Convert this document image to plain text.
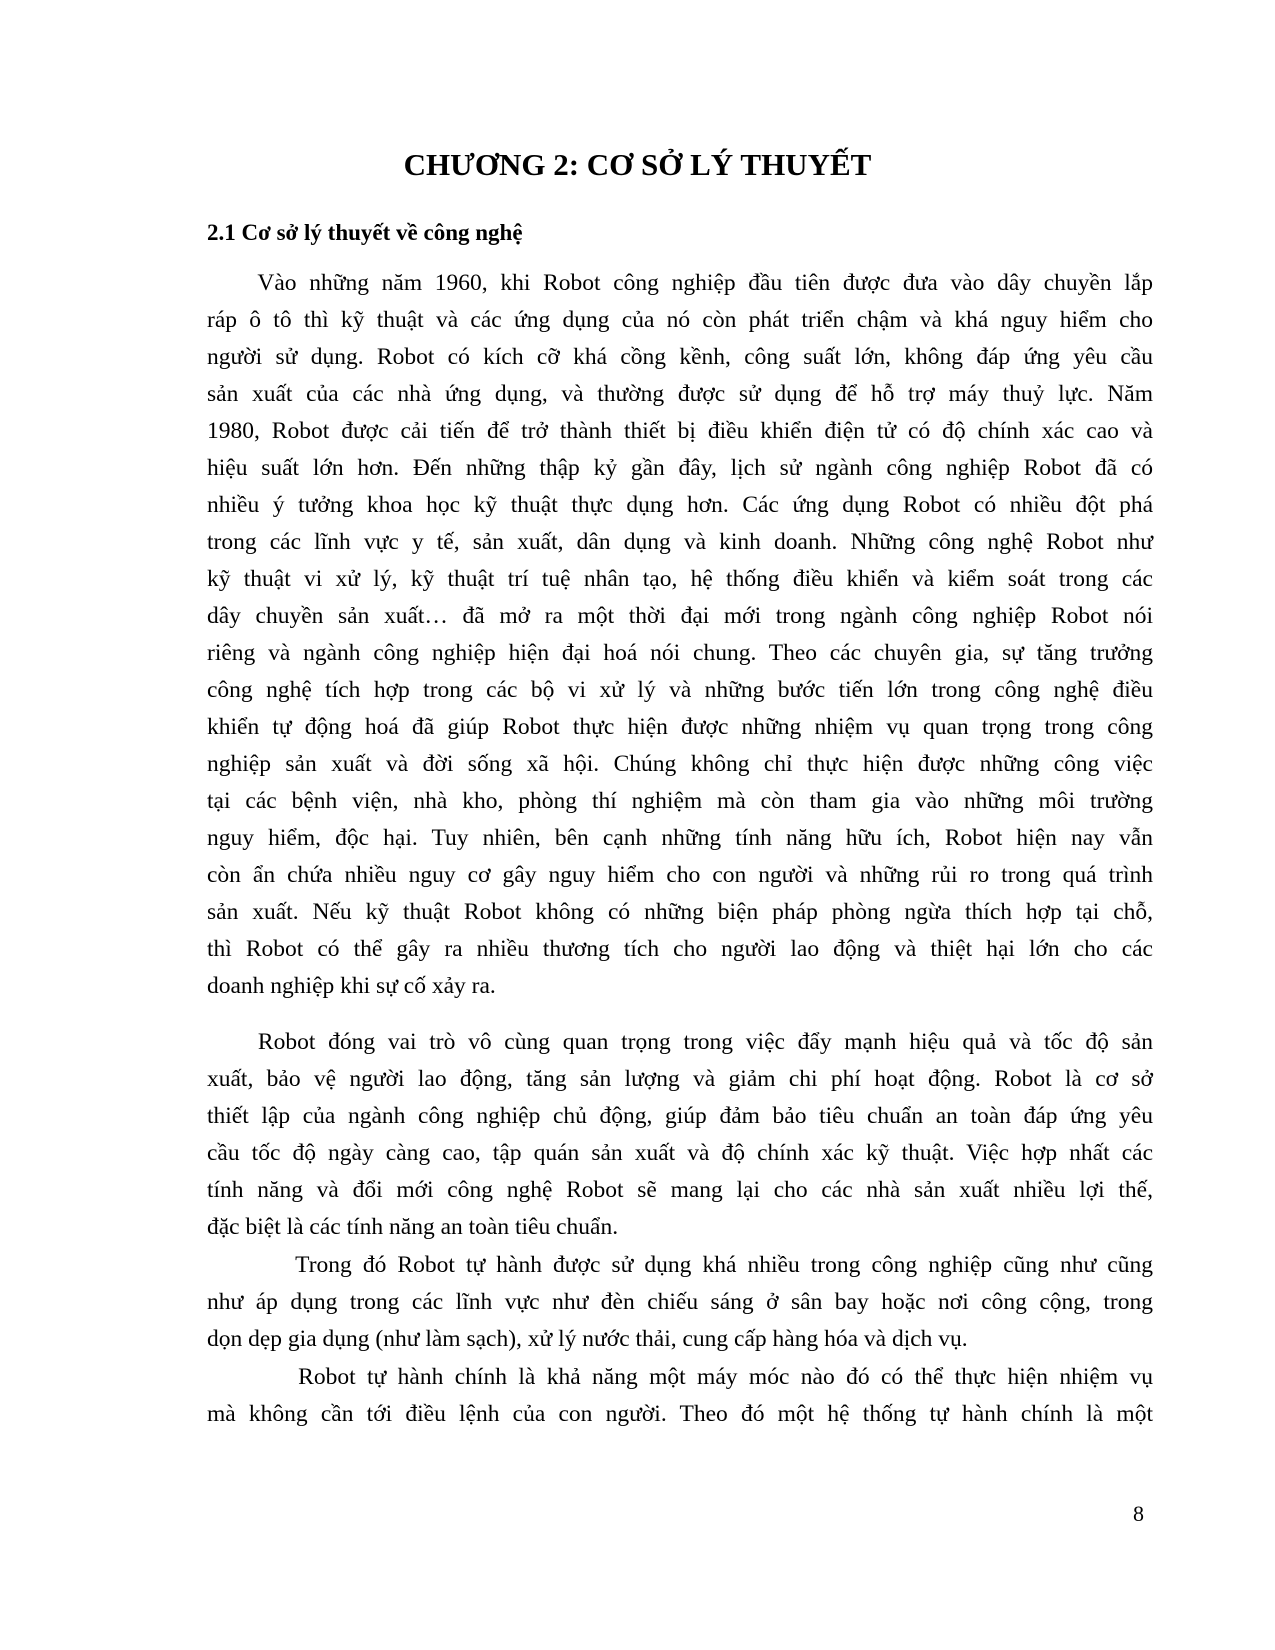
CHƯƠNG 2: CƠ SỞ LÝ THUYẾT
2.1 Cơ sở lý thuyết về công nghệ
Vào những năm 1960, khi Robot công nghiệp đầu tiên được đưa vào dây chuyền lắp
ráp ô tô thì kỹ thuật và các ứng dụng của nó còn phát triển chậm và khá nguy hiểm cho
người sử dụng. Robot có kích cỡ khá cồng kềnh, công suất lớn, không đáp ứng yêu cầu
sản xuất của các nhà ứng dụng, và thường được sử dụng để hỗ trợ máy thuỷ lực. Năm
1980, Robot được cải tiến để trở thành thiết bị điều khiển điện tử có độ chính xác cao và
hiệu suất lớn hơn. Đến những thập kỷ gần đây, lịch sử ngành công nghiệp Robot đã có
nhiều ý tưởng khoa học kỹ thuật thực dụng hơn. Các ứng dụng Robot có nhiều đột phá
trong các lĩnh vực y tế, sản xuất, dân dụng và kinh doanh. Những công nghệ Robot như
kỹ thuật vi xử lý, kỹ thuật trí tuệ nhân tạo, hệ thống điều khiển và kiểm soát trong các
dây chuyền sản xuất… đã mở ra một thời đại mới trong ngành công nghiệp Robot nói
riêng và ngành công nghiệp hiện đại hoá nói chung. Theo các chuyên gia, sự tăng trưởng
công nghệ tích hợp trong các bộ vi xử lý và những bước tiến lớn trong công nghệ điều
khiển tự động hoá đã giúp Robot thực hiện được những nhiệm vụ quan trọng trong công
nghiệp sản xuất và đời sống xã hội. Chúng không chỉ thực hiện được những công việc
tại các bệnh viện, nhà kho, phòng thí nghiệm mà còn tham gia vào những môi trường
nguy hiểm, độc hại. Tuy nhiên, bên cạnh những tính năng hữu ích, Robot hiện nay vẫn
còn ẩn chứa nhiều nguy cơ gây nguy hiểm cho con người và những rủi ro trong quá trình
sản xuất. Nếu kỹ thuật Robot không có những biện pháp phòng ngừa thích hợp tại chỗ,
thì Robot có thể gây ra nhiều thương tích cho người lao động và thiệt hại lớn cho các
doanh nghiệp khi sự cố xảy ra.
Robot đóng vai trò vô cùng quan trọng trong việc đẩy mạnh hiệu quả và tốc độ sản
xuất, bảo vệ người lao động, tăng sản lượng và giảm chi phí hoạt động. Robot là cơ sở
thiết lập của ngành công nghiệp chủ động, giúp đảm bảo tiêu chuẩn an toàn đáp ứng yêu
cầu tốc độ ngày càng cao, tập quán sản xuất và độ chính xác kỹ thuật. Việc hợp nhất các
tính năng và đổi mới công nghệ Robot sẽ mang lại cho các nhà sản xuất nhiều lợi thế,
đặc biệt là các tính năng an toàn tiêu chuẩn.
Trong đó Robot tự hành được sử dụng khá nhiều trong công nghiệp cũng như cũng
như áp dụng trong các lĩnh vực như đèn chiếu sáng ở sân bay hoặc nơi công cộng, trong
dọn dẹp gia dụng (như làm sạch), xử lý nước thải, cung cấp hàng hóa và dịch vụ.
Robot tự hành chính là khả năng một máy móc nào đó có thể thực hiện nhiệm vụ
mà không cần tới điều lệnh của con người. Theo đó một hệ thống tự hành chính là một
8
